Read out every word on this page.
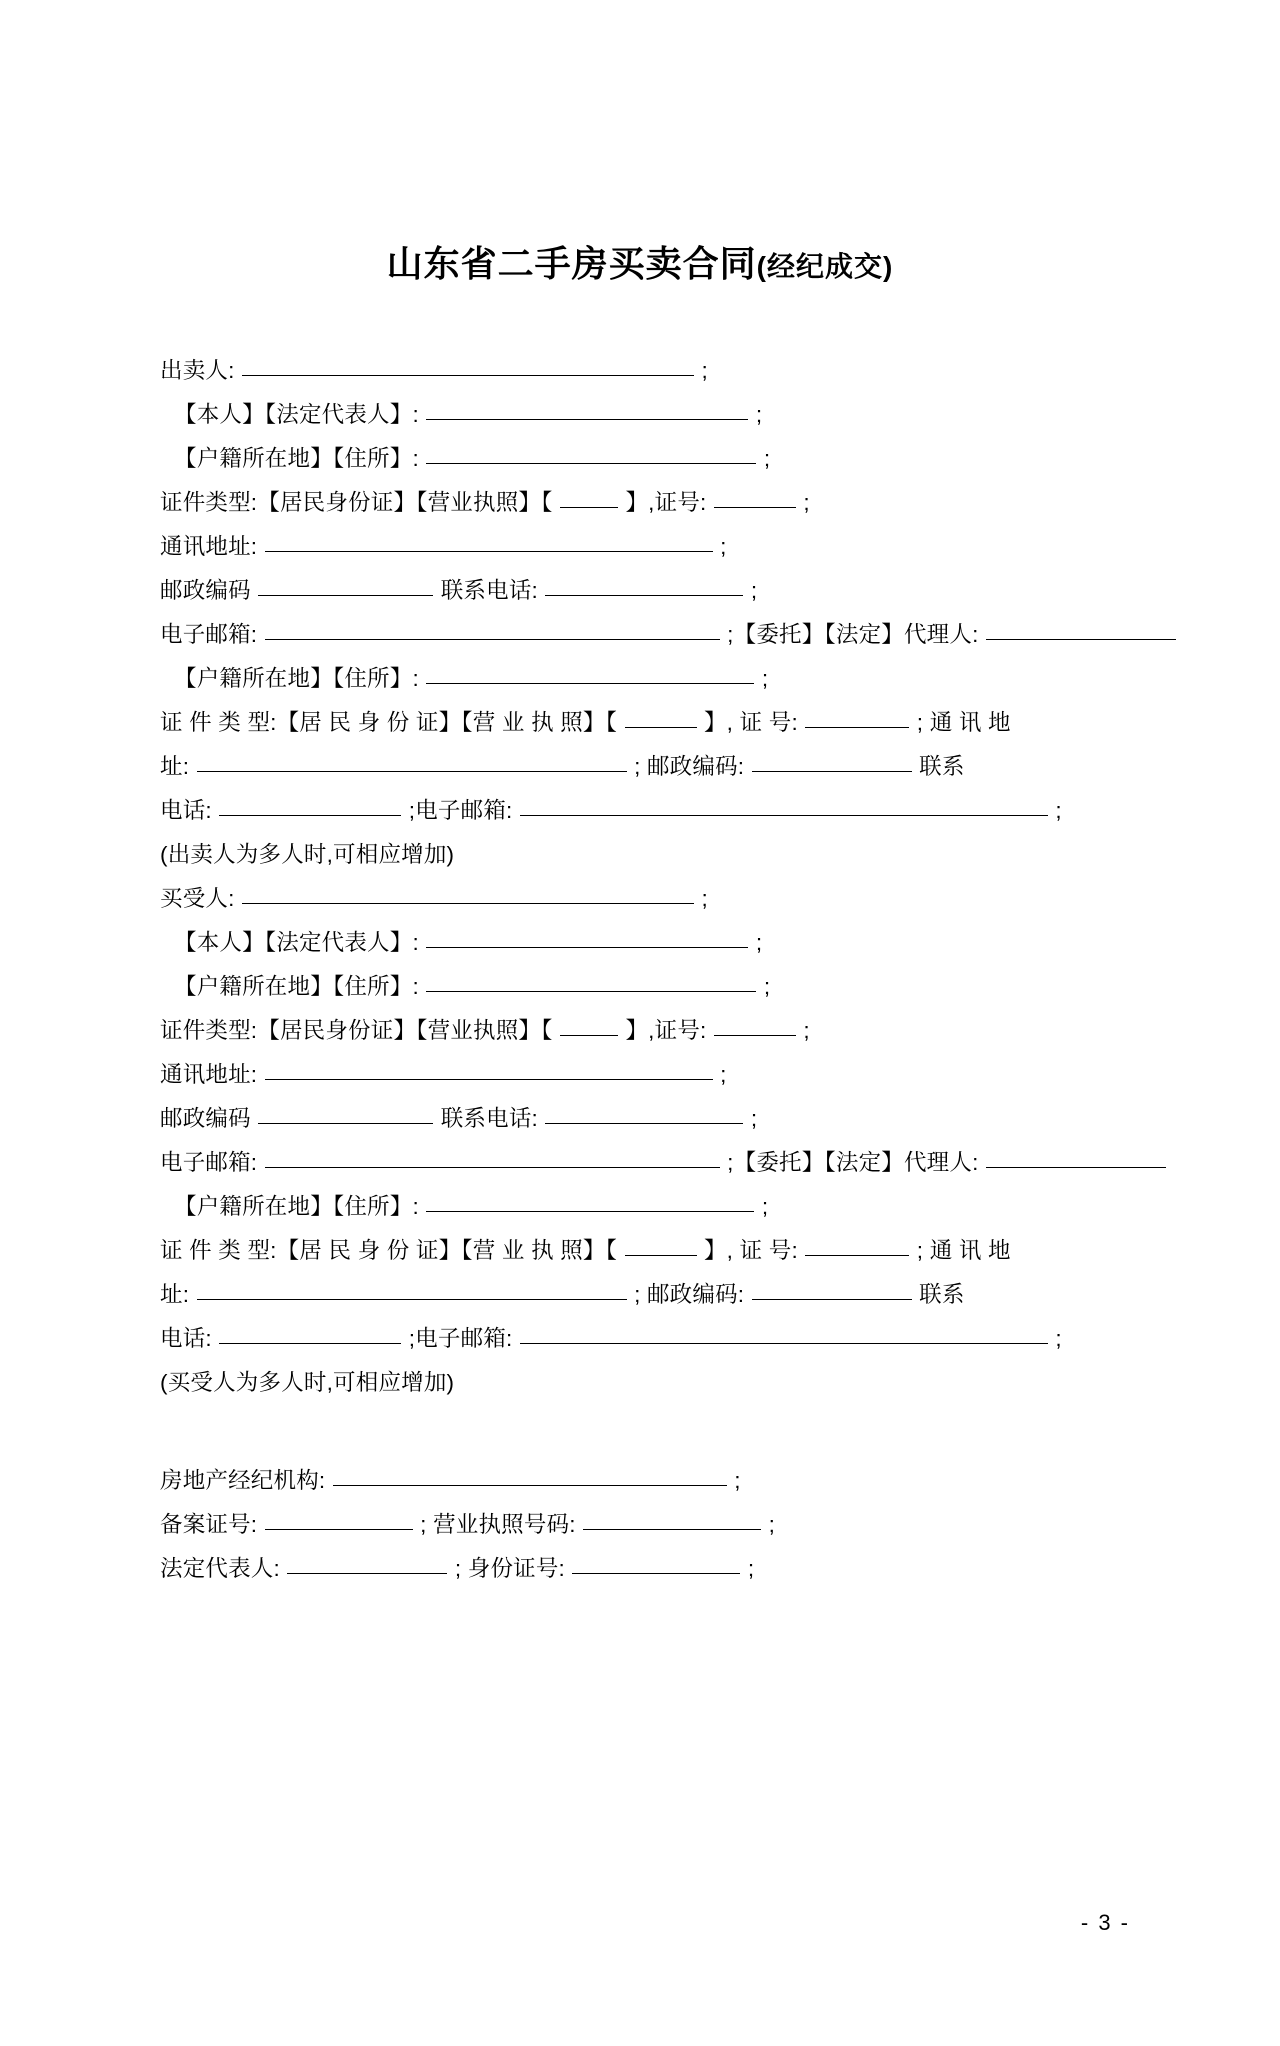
山东省二手房买卖合同(经纪成交)
出卖人:	;
【本人】【法定代表人】:	;
【户籍所在地】【住所】:	;
证件类型:【居民身份证】【营业执照】【	】,证号:	;
通讯地址:	;
邮政编码	联系电话:	;
电子邮箱:	;【委托】【法定】代理人:
【户籍所在地】【住所】:	;
证 件 类 型:【居 民 身 份 证】【营 业 执 照】【	】, 证 号:	; 通 讯 地
址:	; 邮政编码:	联系
电话:	;电子邮箱:	;
(出卖人为多人时,可相应增加)
买受人:	;
【本人】【法定代表人】:	;
【户籍所在地】【住所】:	;
证件类型:【居民身份证】【营业执照】【	】,证号:	;
通讯地址:	;
邮政编码	联系电话:	;
电子邮箱:	;【委托】【法定】代理人:
【户籍所在地】【住所】:	;
证 件 类 型:【居 民 身 份 证】【营 业 执 照】【	】, 证 号:	; 通 讯 地
址:	; 邮政编码:	联系
电话:	;电子邮箱:	;
(买受人为多人时,可相应增加)
房地产经纪机构:	;
备案证号:	; 营业执照号码:	;
法定代表人:	; 身份证号:	;
- 3 -
